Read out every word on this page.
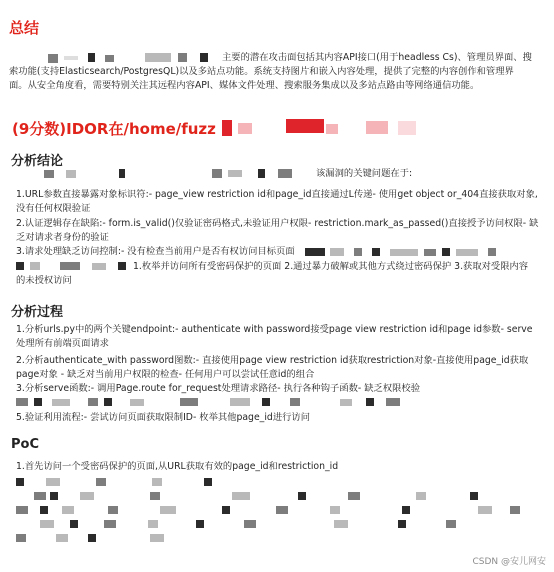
总结
主要的潜在攻击面包括其内容API接口(用于headless Cs)、管理员界面、搜
索功能(支持Elasticsearch/PostgresQL)以及多站点功能。系统支持图片和嵌入内容处理，提供了完整的内容创作和管理界
面。从安全角度看，需要特别关注其远程内容API、媒体文件处理、搜索服务集成以及多站点路由等网络通信功能。
(9分数)IDOR在/home/fuzz
分析结论
该漏洞的关键问题在于:
1.URL参数直接暴露对象标识符:- page_view restriction id和page_id直接通过L传递- 使用get object or_404直接获取对象,
没有任何权限验证
2.认证逻辑存在缺陷:- form.is_valid()仅验证密码格式,未验证用户权限- restriction.mark_as_passed()直接授予访问权限- 缺
乏对请求者身份的验证
3.请求处理缺乏访问控制:- 没有检查当前用户是否有权访问目标页面
1.枚举并访问所有受密码保护的页面 2.通过暴力破解或其他方式绕过密码保护 3.获取对受限内容
的未授权访问
分析过程
1.分析urls.py中的两个关键endpoint:- authenticate with password接受page view restriction id和page id参数- serve
处理所有前端页面请求
2.分析authenticate_with password图数:- 直接使用page view restriction id获取restriction对象-直接使用page_id获取
page对象 - 缺乏对当前用户权限的检查- 任何用户可以尝试任意id的组合
3.分析serve函数:- 调用Page.route for_request处理请求路径- 执行各种钩子函数- 缺乏权限校验
5.验证利用流程:- 尝试访问页面获取限制ID- 枚举其他page_id进行访问
PoC
1.首先访问一个受密码保护的页面,从URL获取有效的page_id和restriction_id
CSDN @安儿网安
